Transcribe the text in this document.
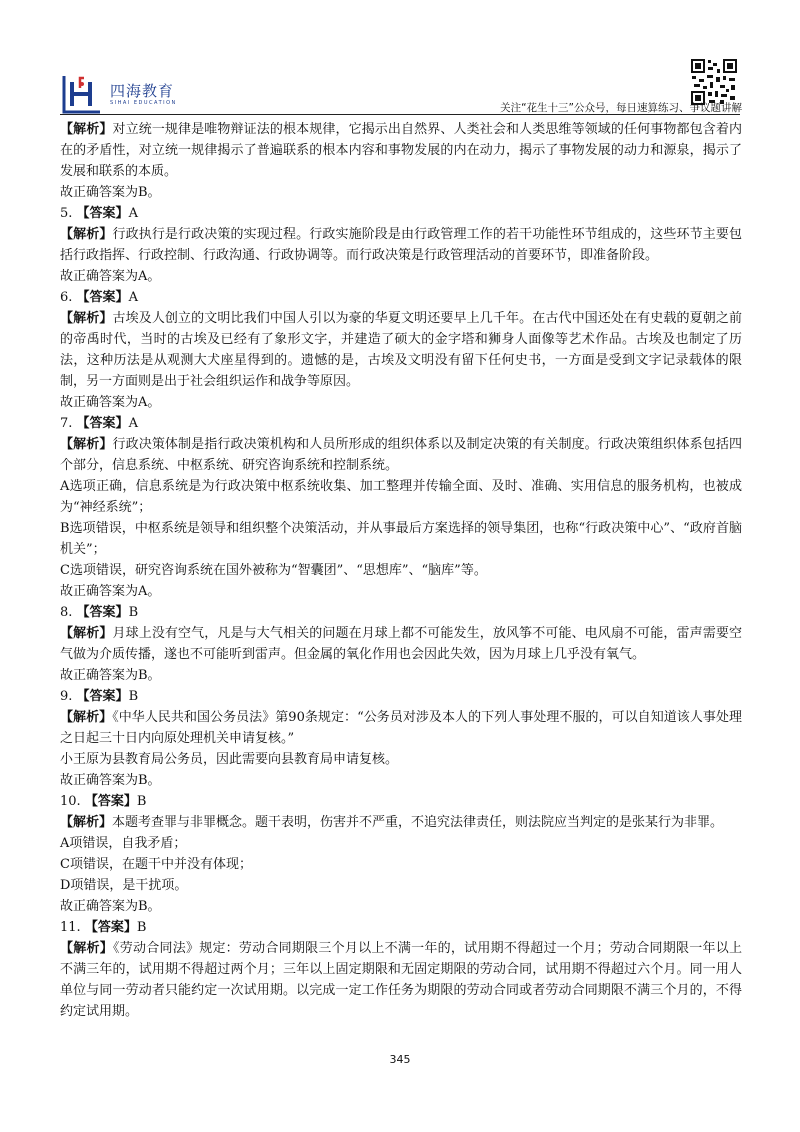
四海教育
SIHAI EDUCATION	关注“花生十三”公众号，每日速算练习、争议题讲解

【解析】对立统一规律是唯物辩证法的根本规律，它揭示出自然界、人类社会和人类思维等领域的任何事物都包含着内在的矛盾性，对立统一规律揭示了普遍联系的根本内容和事物发展的内在动力，揭示了事物发展的动力和源泉，揭示了发展和联系的本质。

故正确答案为B。

5. 【答案】A

【解析】行政执行是行政决策的实现过程。行政实施阶段是由行政管理工作的若干功能性环节组成的，这些环节主要包括行政指挥、行政控制、行政沟通、行政协调等。而行政决策是行政管理活动的首要环节，即准备阶段。

故正确答案为A。

6. 【答案】A

【解析】古埃及人创立的文明比我们中国人引以为豪的华夏文明还要早上几千年。在古代中国还处在有史载的夏朝之前的帝禹时代，当时的古埃及已经有了象形文字，并建造了硕大的金字塔和狮身人面像等艺术作品。古埃及也制定了历法，这种历法是从观测大犬座星得到的。遗憾的是，古埃及文明没有留下任何史书，一方面是受到文字记录载体的限制，另一方面则是出于社会组织运作和战争等原因。

故正确答案为A。

7. 【答案】A

【解析】行政决策体制是指行政决策机构和人员所形成的组织体系以及制定决策的有关制度。行政决策组织体系包括四个部分，信息系统、中枢系统、研究咨询系统和控制系统。

A选项正确，信息系统是为行政决策中枢系统收集、加工整理并传输全面、及时、准确、实用信息的服务机构，也被成为“神经系统”；

B选项错误，中枢系统是领导和组织整个决策活动，并从事最后方案选择的领导集团，也称“行政决策中心”、“政府首脑机关”；

C选项错误，研究咨询系统在国外被称为“智囊团”、“思想库”、“脑库”等。

故正确答案为A。

8. 【答案】B

【解析】月球上没有空气，凡是与大气相关的问题在月球上都不可能发生，放风筝不可能、电风扇不可能，雷声需要空气做为介质传播，遂也不可能听到雷声。但金属的氧化作用也会因此失效，因为月球上几乎没有氧气。

故正确答案为B。

9. 【答案】B

【解析】《中华人民共和国公务员法》第90条规定：“公务员对涉及本人的下列人事处理不服的，可以自知道该人事处理之日起三十日内向原处理机关申请复核。”

小王原为县教育局公务员，因此需要向县教育局申请复核。

故正确答案为B。

10. 【答案】B

【解析】本题考查罪与非罪概念。题干表明，伤害并不严重，不追究法律责任，则法院应当判定的是张某行为非罪。

A项错误，自我矛盾；

C项错误，在题干中并没有体现；

D项错误，是干扰项。

故正确答案为B。

11. 【答案】B

【解析】《劳动合同法》规定：劳动合同期限三个月以上不满一年的，试用期不得超过一个月；劳动合同期限一年以上不满三年的，试用期不得超过两个月；三年以上固定期限和无固定期限的劳动合同，试用期不得超过六个月。同一用人单位与同一劳动者只能约定一次试用期。以完成一定工作任务为期限的劳动合同或者劳动合同期限不满三个月的，不得约定试用期。

345
